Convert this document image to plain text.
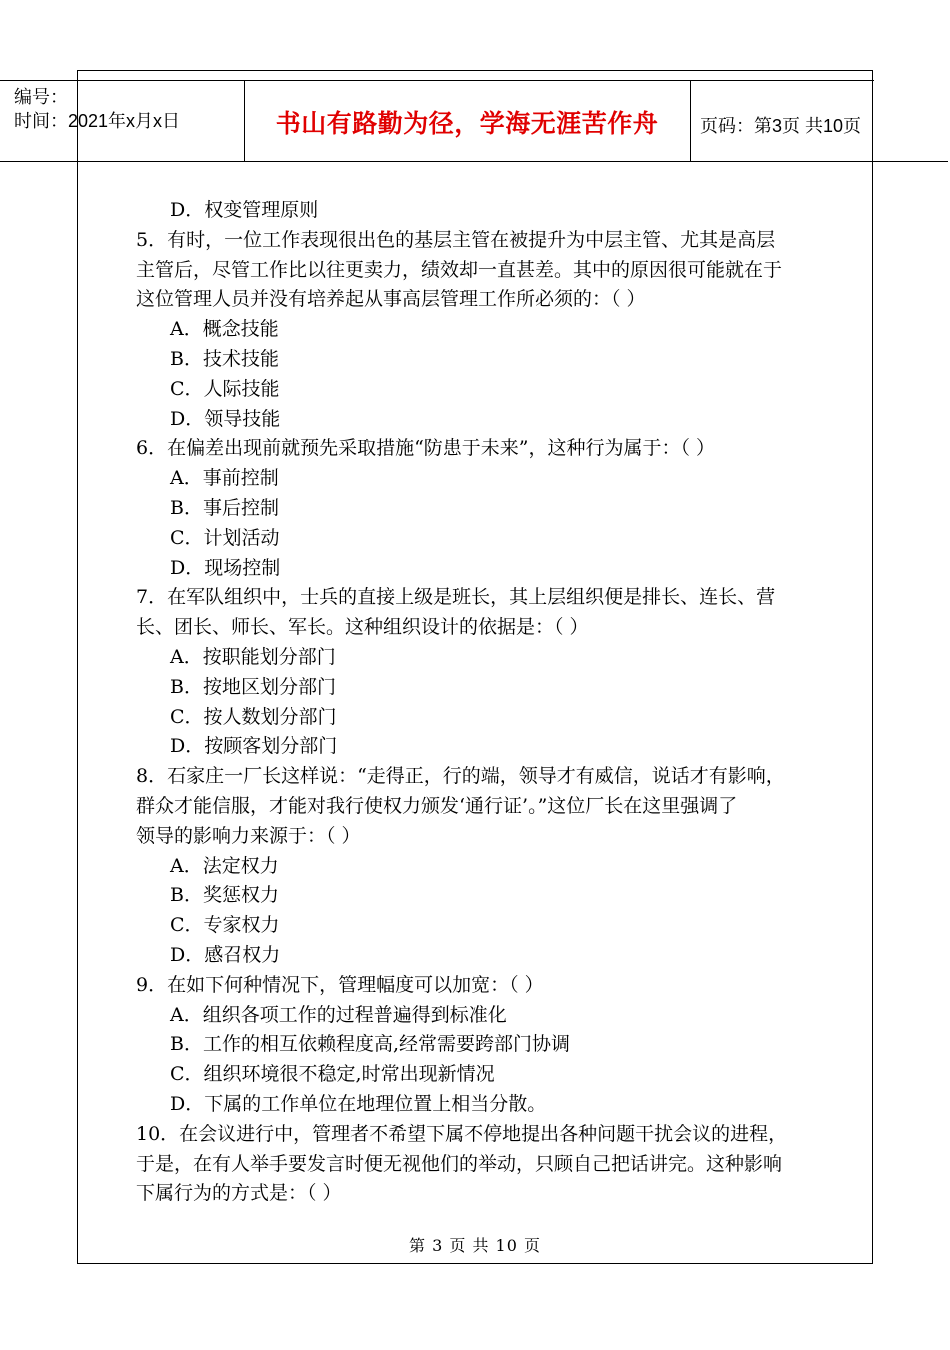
编号：
时间：2021年x月x日	书山有路勤为径，学海无涯苦作舟	页码：第3页 共10页
D．权变管理原则
5．有时，一位工作表现很出色的基层主管在被提升为中层主管、尤其是高层
主管后，尽管工作比以往更卖力，绩效却一直甚差。其中的原因很可能就在于
这位管理人员并没有培养起从事高层管理工作所必须的：（ ）
A．概念技能
B．技术技能
C．人际技能
D．领导技能
6．在偏差出现前就预先采取措施“防患于未来”，这种行为属于：（ ）
A．事前控制
B．事后控制
C．计划活动
D．现场控制
7．在军队组织中，士兵的直接上级是班长，其上层组织便是排长、连长、营
长、团长、师长、军长。这种组织设计的依据是：（ ）
A．按职能划分部门
B．按地区划分部门
C．按人数划分部门
D．按顾客划分部门
8．石家庄一厂长这样说：“走得正，行的端，领导才有威信，说话才有影响，
群众才能信服，才能对我行使权力颁发‘通行证’。”这位厂长在这里强调了
领导的影响力来源于：（ ）
A．法定权力
B．奖惩权力
C．专家权力
D．感召权力
9．在如下何种情况下，管理幅度可以加宽：（ ）
A．组织各项工作的过程普遍得到标准化
B．工作的相互依赖程度高,经常需要跨部门协调
C．组织环境很不稳定,时常出现新情况
D．下属的工作单位在地理位置上相当分散。
10．在会议进行中，管理者不希望下属不停地提出各种问题干扰会议的进程，
于是，在有人举手要发言时便无视他们的举动，只顾自己把话讲完。这种影响
下属行为的方式是：（ ）
第 3 页 共 10 页
